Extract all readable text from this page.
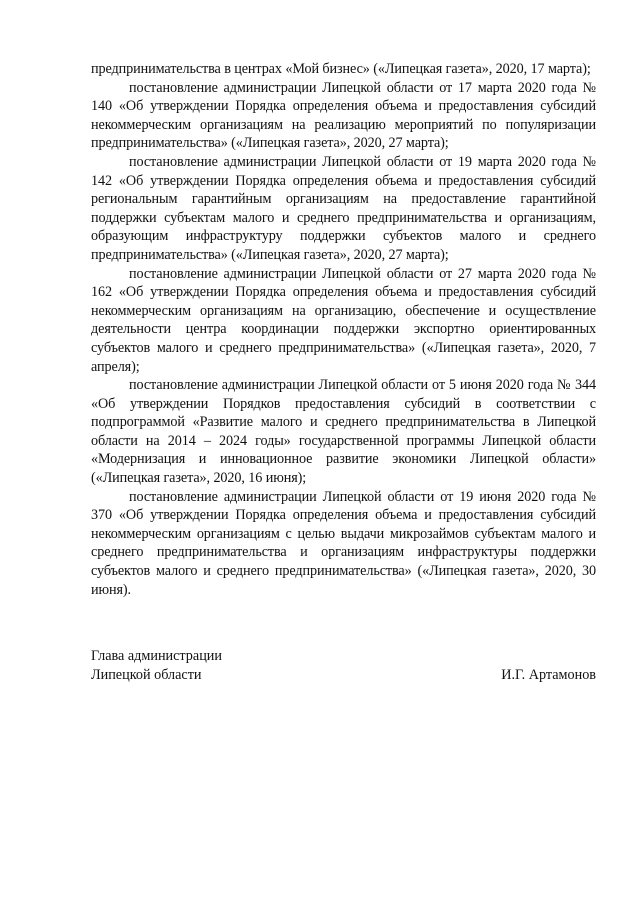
предпринимательства в центрах «Мой бизнес» («Липецкая газета», 2020, 17 марта);

постановление администрации Липецкой области от 17 марта 2020 года № 140 «Об утверждении Порядка определения объема и предоставления субсидий некоммерческим организациям на реализацию мероприятий по популяризации предпринимательства» («Липецкая газета», 2020, 27 марта);

постановление администрации Липецкой области от 19 марта 2020 года № 142 «Об утверждении Порядка определения объема и предоставления субсидий региональным гарантийным организациям на предоставление гарантийной поддержки субъектам малого и среднего предпринимательства и организациям, образующим инфраструктуру поддержки субъектов малого и среднего предпринимательства» («Липецкая газета», 2020, 27 марта);

постановление администрации Липецкой области от 27 марта 2020 года № 162 «Об утверждении Порядка определения объема и предоставления субсидий некоммерческим организациям на организацию, обеспечение и осуществление деятельности центра координации поддержки экспортно ориентированных субъектов малого и среднего предпринимательства» («Липецкая газета», 2020, 7 апреля);

постановление администрации Липецкой области от 5 июня 2020 года № 344 «Об утверждении Порядков предоставления субсидий в соответствии с подпрограммой «Развитие малого и среднего предпринимательства в Липецкой области на 2014 – 2024 годы» государственной программы Липецкой области «Модернизация и инновационное развитие экономики Липецкой области» («Липецкая газета», 2020, 16 июня);

постановление администрации Липецкой области от 19 июня 2020 года № 370 «Об утверждении Порядка определения объема и предоставления субсидий некоммерческим организациям с целью выдачи микрозаймов субъектам малого и среднего предпринимательства и организациям инфраструктуры поддержки субъектов малого и среднего предпринимательства» («Липецкая газета», 2020, 30 июня).

Глава администрации
Липецкой области	И.Г. Артамонов
